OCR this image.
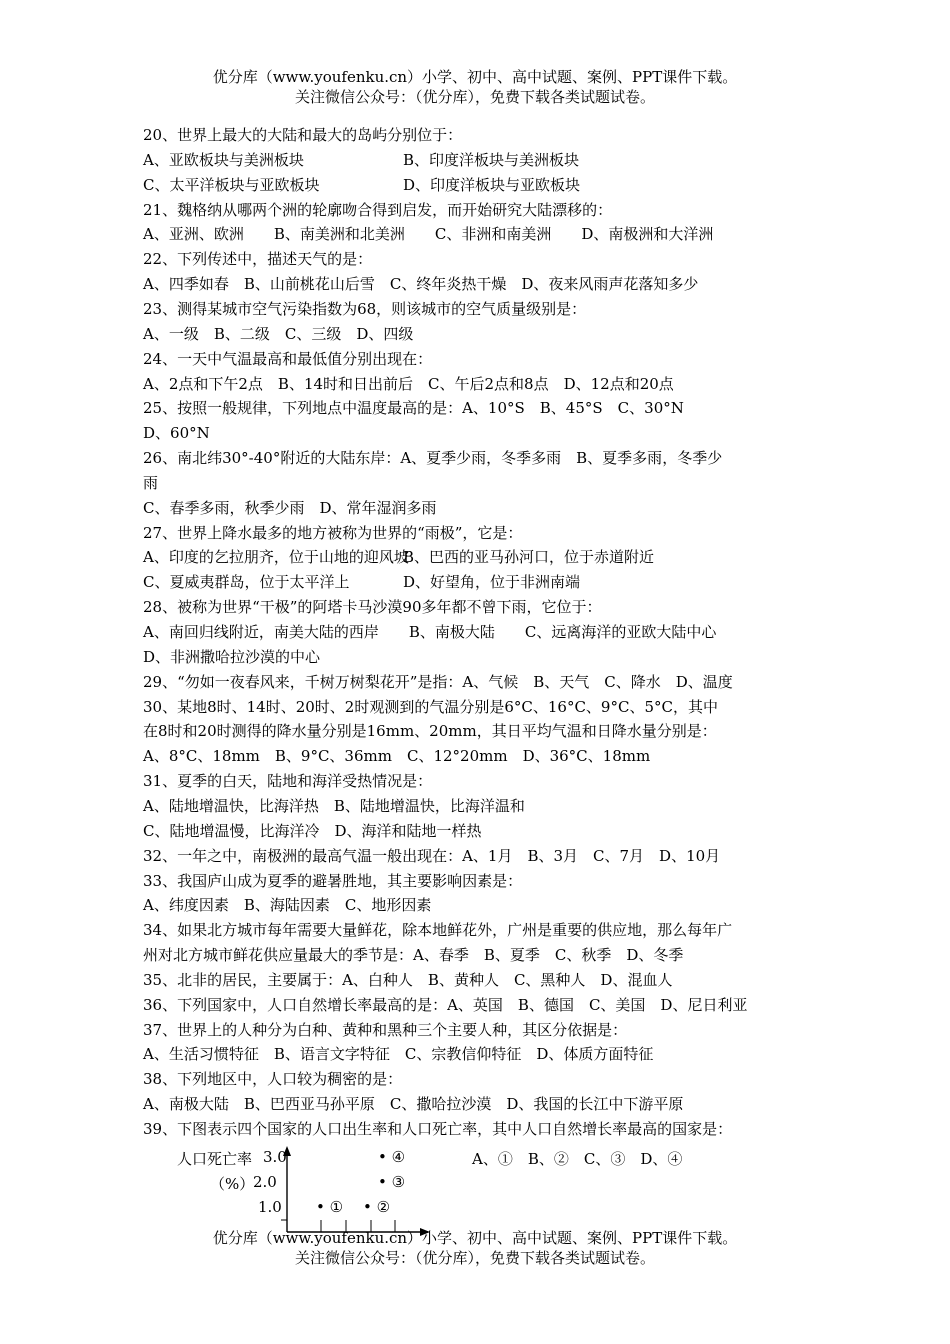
优分库（www.youfenku.cn）小学、初中、高中试题、案例、PPT课件下载。
关注微信公众号：（优分库），免费下载各类试题试卷。
20、世界上最大的大陆和最大的岛屿分别位于：
A、亚欧板块与美洲板块	B、印度洋板块与美洲板块
C、太平洋板块与亚欧板块	D、印度洋板块与亚欧板块
21、魏格纳从哪两个洲的轮廓吻合得到启发，而开始研究大陆漂移的：
A、亚洲、欧洲　　B、南美洲和北美洲　　C、非洲和南美洲　　D、南极洲和大洋洲
22、下列传述中，描述天气的是：
A、四季如春　B、山前桃花山后雪　C、终年炎热干燥　D、夜来风雨声花落知多少
23、测得某城市空气污染指数为68，则该城市的空气质量级别是：
A、一级　B、二级　C、三级　D、四级
24、一天中气温最高和最低值分别出现在：
A、2点和下午2点　B、14时和日出前后　C、午后2点和8点　D、12点和20点
25、按照一般规律，下列地点中温度最高的是：A、10°S　B、45°S　C、30°N
D、60°N
26、南北纬30°-40°附近的大陆东岸：A、夏季少雨，冬季多雨　B、夏季多雨，冬季少
雨
C、春季多雨，秋季少雨　D、常年湿润多雨
27、世界上降水最多的地方被称为世界的“雨极”，它是：
A、印度的乞拉朋齐，位于山地的迎风坡
B、巴西的亚马孙河口，位于赤道附近
C、夏威夷群岛，位于太平洋上	D、好望角，位于非洲南端
28、被称为世界“干极”的阿塔卡马沙漠90多年都不曾下雨，它位于：
A、南回归线附近，南美大陆的西岸　　B、南极大陆　　C、远离海洋的亚欧大陆中心
D、非洲撒哈拉沙漠的中心
29、“勿如一夜春风来，千树万树梨花开”是指：A、气候　B、天气　C、降水　D、温度
30、某地8时、14时、20时、2时观测到的气温分别是6°C、16°C、9°C、5°C，其中
在8时和20时测得的降水量分别是16mm、20mm，其日平均气温和日降水量分别是：
A、8°C、18mm　B、9°C、36mm　C、12°20mm　D、36°C、18mm
31、夏季的白天，陆地和海洋受热情况是：
A、陆地增温快，比海洋热　B、陆地增温快，比海洋温和
C、陆地增温慢，比海洋冷　D、海洋和陆地一样热
32、一年之中，南极洲的最高气温一般出现在：A、1月　B、3月　C、7月　D、10月
33、我国庐山成为夏季的避暑胜地，其主要影响因素是：
A、纬度因素　B、海陆因素　C、地形因素
34、如果北方城市每年需要大量鲜花，除本地鲜花外，广州是重要的供应地，那么每年广
州对北方城市鲜花供应量最大的季节是：A、春季　B、夏季　C、秋季　D、冬季
35、北非的居民，主要属于：A、白种人　B、黄种人　C、黑种人　D、混血人
36、下列国家中，人口自然增长率最高的是：A、英国　B、德国　C、美国　D、尼日利亚
37、世界上的人种分为白种、黄种和黑种三个主要人种，其区分依据是：
A、生活习惯特征　B、语言文字特征　C、宗教信仰特征　D、体质方面特征
38、下列地区中，人口较为稠密的是：
A、南极大陆　B、巴西亚马孙平原　C、撒哈拉沙漠　D、我国的长江中下游平原
39、下图表示四个国家的人口出生率和人口死亡率，其中人口自然增长率最高的国家是：
人口死亡率 3.0
（%）
2.0
1.0
A、①　B、②　C、③　D、④
• ① • ②
• ③
• ④
优分库（www.youfenku.cn）小学、初中、高中试题、案例、PPT课件下载。
关注微信公众号：（优分库），免费下载各类试题试卷。
